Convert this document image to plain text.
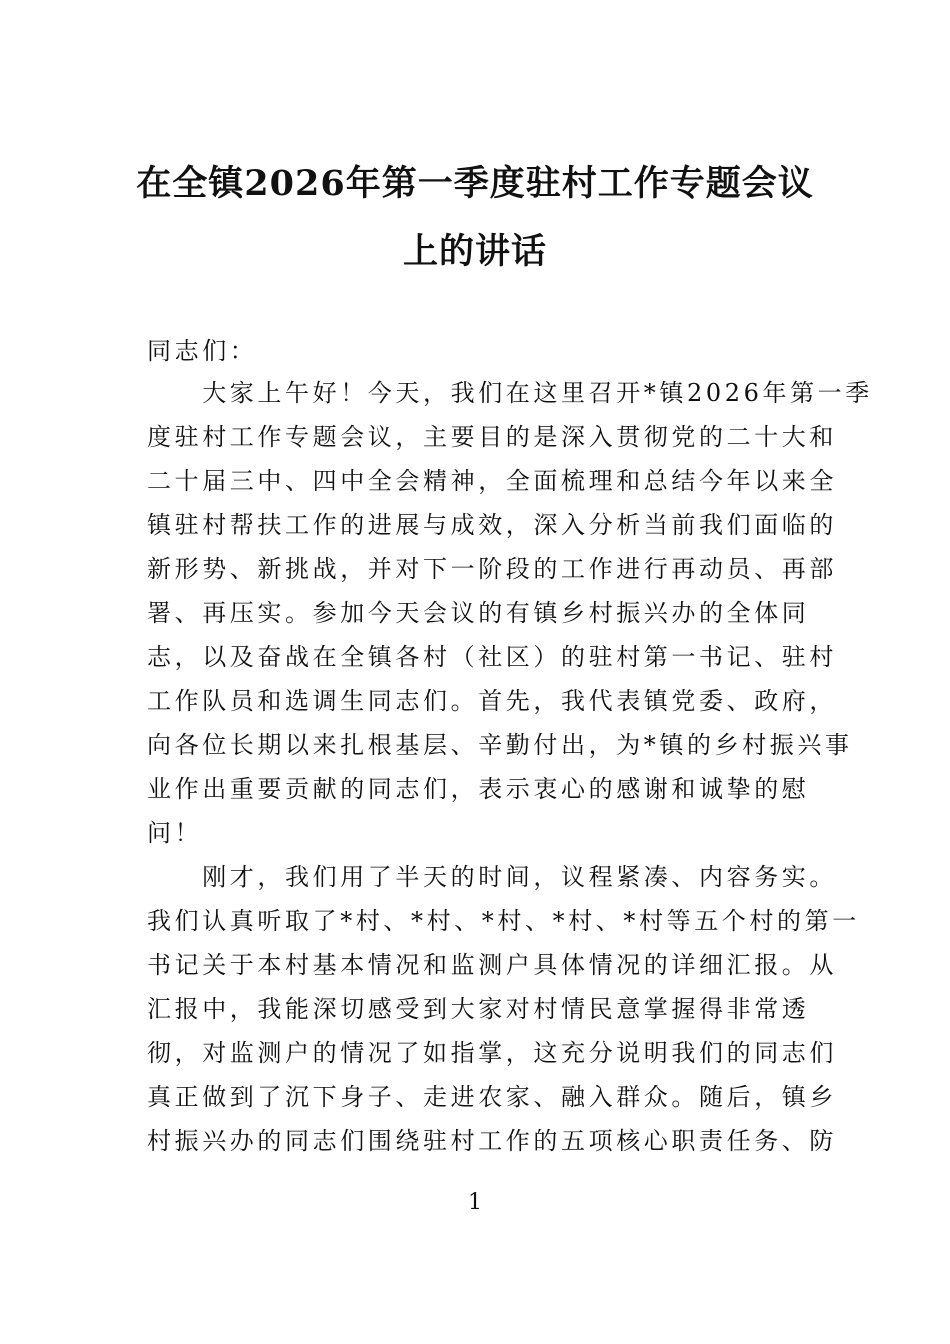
在全镇2026年第一季度驻村工作专题会议
上的讲话
同志们：
　　大家上午好！今天，我们在这里召开*镇2026年第一季
度驻村工作专题会议，主要目的是深入贯彻党的二十大和
二十届三中、四中全会精神，全面梳理和总结今年以来全
镇驻村帮扶工作的进展与成效，深入分析当前我们面临的
新形势、新挑战，并对下一阶段的工作进行再动员、再部
署、再压实。参加今天会议的有镇乡村振兴办的全体同
志，以及奋战在全镇各村（社区）的驻村第一书记、驻村
工作队员和选调生同志们。首先，我代表镇党委、政府，
向各位长期以来扎根基层、辛勤付出，为*镇的乡村振兴事
业作出重要贡献的同志们，表示衷心的感谢和诚挚的慰
问！
　　刚才，我们用了半天的时间，议程紧凑、内容务实。
我们认真听取了*村、*村、*村、*村、*村等五个村的第一
书记关于本村基本情况和监测户具体情况的详细汇报。从
汇报中，我能深切感受到大家对村情民意掌握得非常透
彻，对监测户的情况了如指掌，这充分说明我们的同志们
真正做到了沉下身子、走进农家、融入群众。随后，镇乡
村振兴办的同志们围绕驻村工作的五项核心职责任务、防
1
